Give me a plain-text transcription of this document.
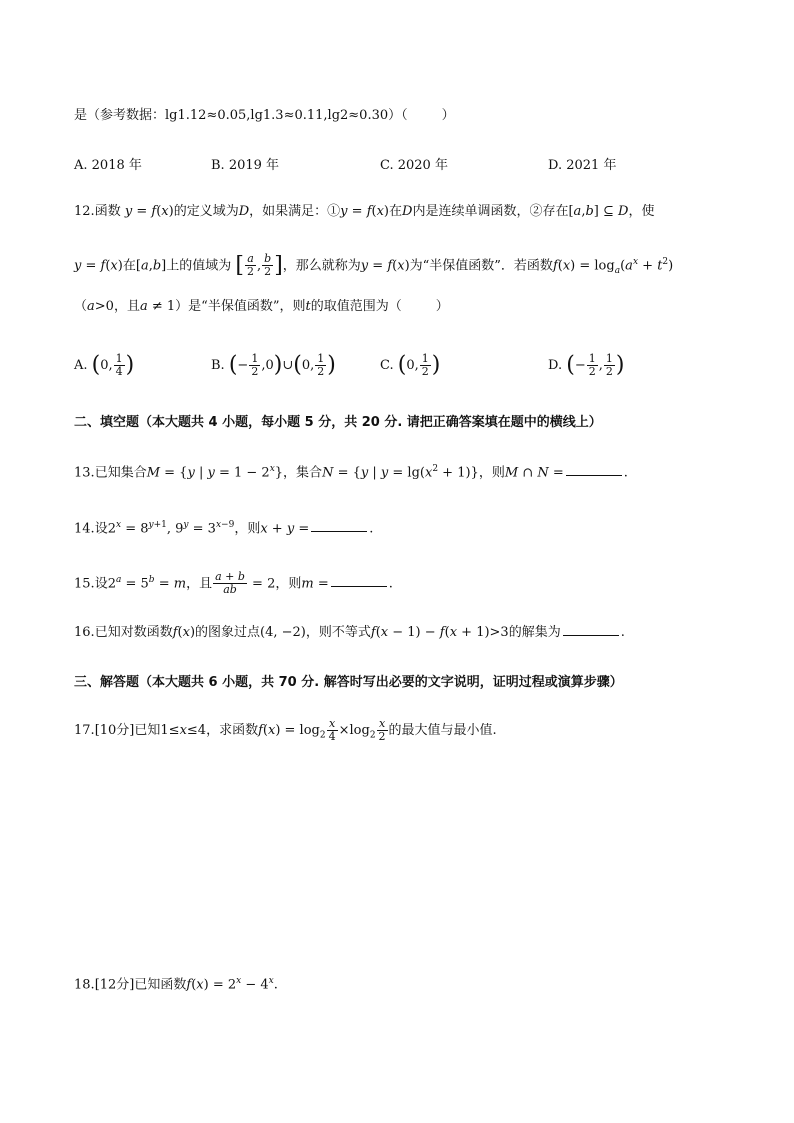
是（参考数据：lg1.12≈0.05,lg1.3≈0.11,lg2≈0.30）（	）
A. 2018 年	B. 2019 年	C. 2020 年	D. 2021 年
12.函数 y = f(x)的定义域为D，如果满足：①y = f(x)在D内是连续单调函数，②存在[a,b] ⊆ D，使
y = f(x)在[a,b]上的值域为 [ $\frac{a}{2}$ , $\frac{b}{2}$ ]，那么就称为y = f(x)为“半保值函数”．若函数$f(x) = \log_a(a^x + t^2)$
（a>0，且a ≠ 1）是“半保值函数”，则t的取值范围为（	）
A. (0, $\frac{1}{4}$ )	B. (− $\frac{1}{2}$ ,0)∪(0, $\frac{1}{2}$ )	C. (0, $\frac{1}{2}$ )	D. (− $\frac{1}{2}$ , $\frac{1}{2}$ )
二、填空题（本大题共 4 小题，每小题 5 分，共 20 分. 请把正确答案填在题中的横线上）
13.已知集合M = {y | $y = 1 - 2^x$}，集合N = {y | $y = \lg(x^2 + 1)$}，则M ∩ N =	.
14.设$2^x = 8^{y+1}$, $9^y = 3^{x-9}$，则x + y =	.
15.设$2^a = 5^b = m$，且 $\frac{a + b}{ab} = 2$，则m =	.
16.已知对数函数f(x)的图象过点(4, −2)，则不等式f(x − 1) − f(x + 1)>3的解集为	.
三、解答题（本大题共 6 小题，共 70 分. 解答时写出必要的文字说明，证明过程或演算步骤）
17.[10分]已知1≤x≤4，求函数$f(x) = \log_2 \frac{x}{4} \times\log_2 \frac{x}{2}$ 的最大值与最小值.
18.[12分]已知函数$f(x) = 2^x - 4^x$.
